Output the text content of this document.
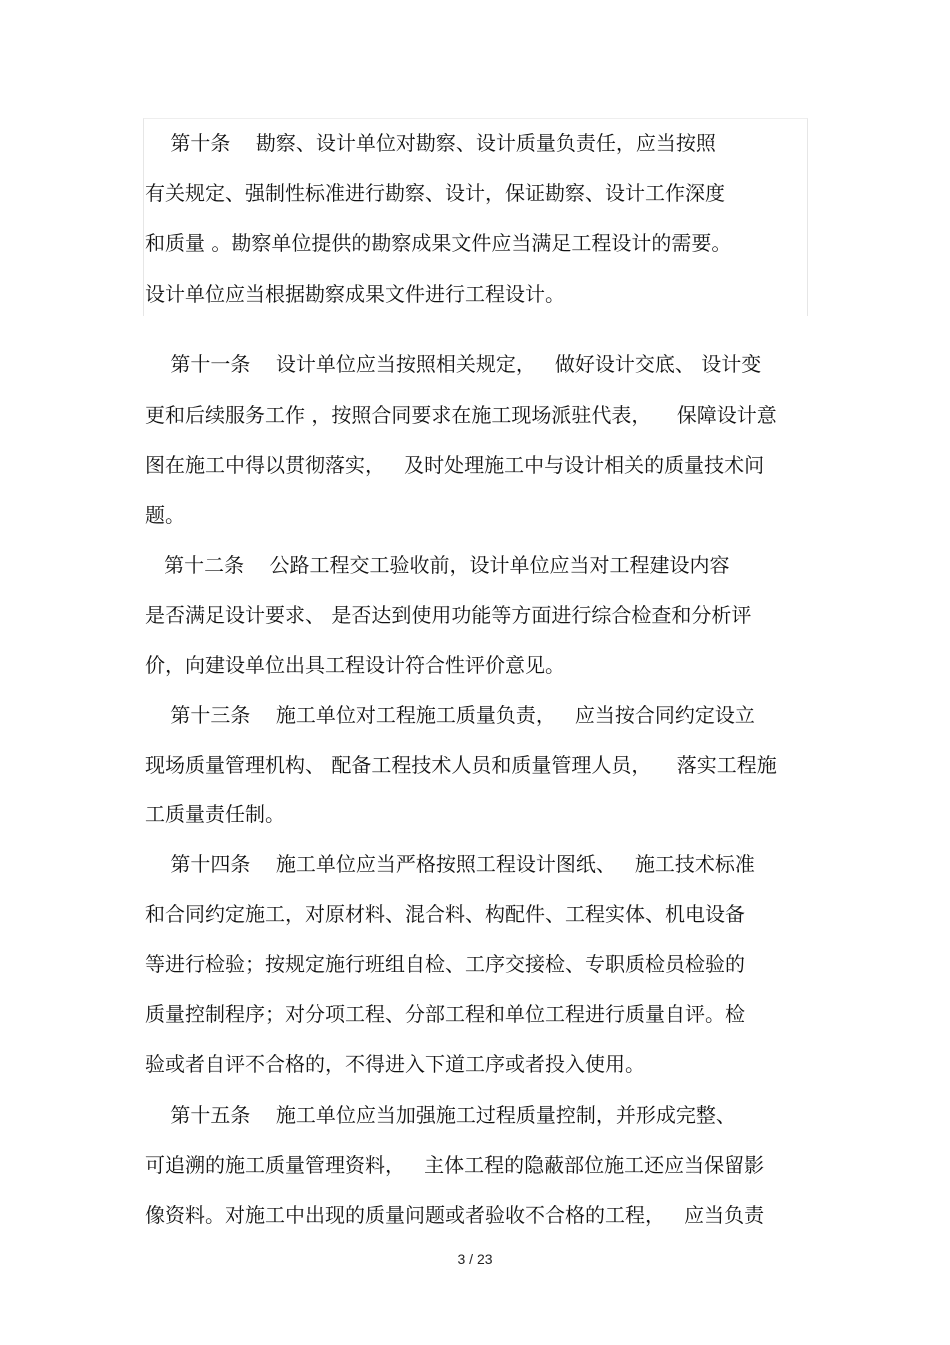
第十条    勘察、设计单位对勘察、设计质量负责任，应当按照
有关规定、强制性标准进行勘察、设计，保证勘察、设计工作深度
和质量 。勘察单位提供的勘察成果文件应当满足工程设计的需要。
设计单位应当根据勘察成果文件进行工程设计。
第十一条    设计单位应当按照相关规定，   做好设计交底、 设计变
更和后续服务工作 ，按照合同要求在施工现场派驻代表，    保障设计意
图在施工中得以贯彻落实，   及时处理施工中与设计相关的质量技术问
题。
第十二条    公路工程交工验收前，设计单位应当对工程建设内容
是否满足设计要求、 是否达到使用功能等方面进行综合检查和分析评
价，向建设单位出具工程设计符合性评价意见。
第十三条    施工单位对工程施工质量负责，   应当按合同约定设立
现场质量管理机构、 配备工程技术人员和质量管理人员，    落实工程施
工质量责任制。
第十四条    施工单位应当严格按照工程设计图纸、   施工技术标准
和合同约定施工，对原材料、混合料、构配件、工程实体、机电设备
等进行检验；按规定施行班组自检、工序交接检、专职质检员检验的
质量控制程序；对分项工程、分部工程和单位工程进行质量自评。检
验或者自评不合格的，不得进入下道工序或者投入使用。
第十五条    施工单位应当加强施工过程质量控制，并形成完整、
可追溯的施工质量管理资料，   主体工程的隐蔽部位施工还应当保留影
像资料。对施工中出现的质量问题或者验收不合格的工程，   应当负责
3 / 23
